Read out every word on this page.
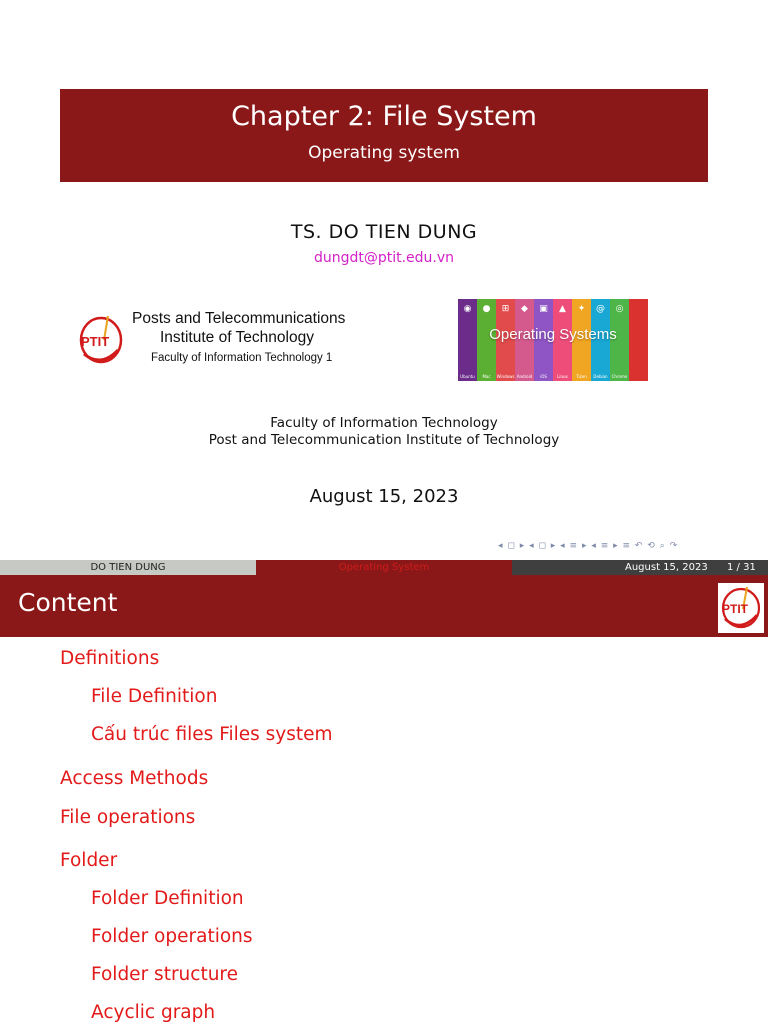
Chapter 2: File System
Operating system
TS. DO TIEN DUNG
dungdt@ptit.edu.vn
PTIT
Posts and Telecommunications
Institute of Technology
Faculty of Information Technology 1
◉
Ubuntu
●
Mac
⊞
Windows
◆
Android
▣
iOS
▲
Linux
✦
Tizen
@
Debian
◎
Chrome
Operating Systems
Faculty of Information Technology
Post and Telecommunication Institute of Technology
August 15, 2023
◂ ◻ ▸ ◂ ◻ ▸ ◂ ≡ ▸ ◂ ≡ ▸ ≡ ↶ ⟲ ⌕ ↷
DO TIEN DUNG	Operating System	August 15, 2023 1 / 31
Content	PTIT
Definitions
File Definition
Cấu trúc files Files system
Access Methods
File operations
Folder
Folder Definition
Folder operations
Folder structure
Acyclic graph
